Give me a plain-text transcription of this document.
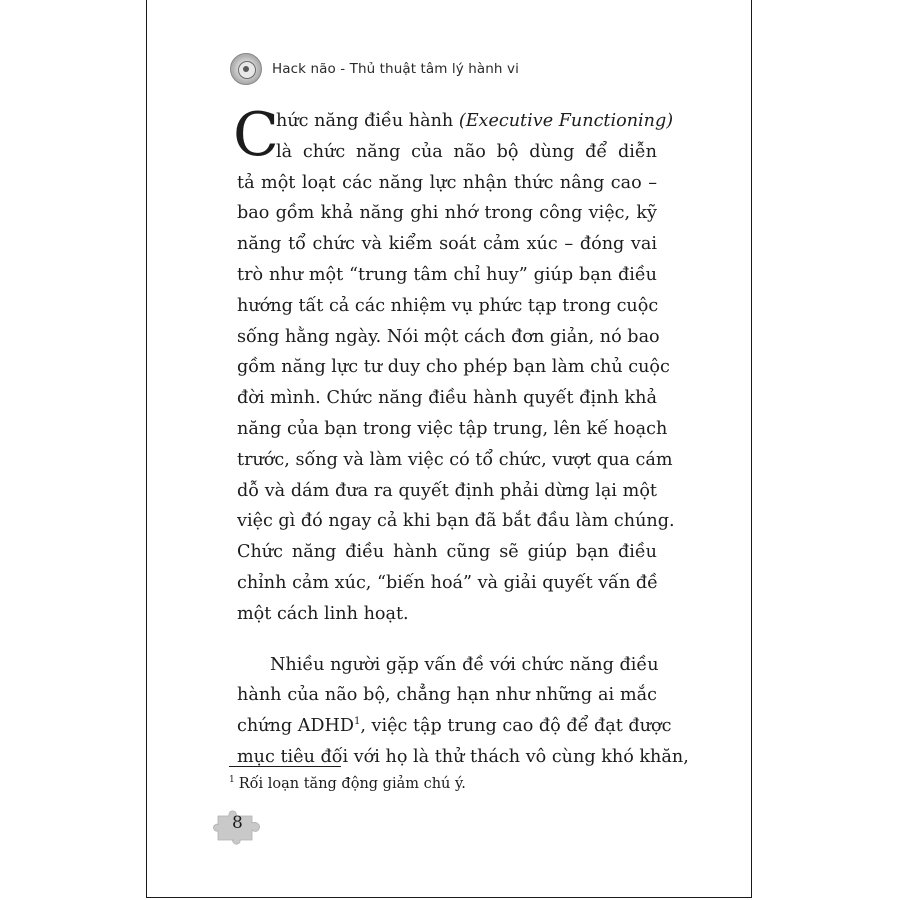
Hack não - Thủ thuật tâm lý hành vi
C
hức năng điều hành (Executive Functioning)
là chức năng của não bộ dùng để diễn
tả một loạt các năng lực nhận thức nâng cao –
bao gồm khả năng ghi nhớ trong công việc, kỹ
năng tổ chức và kiểm soát cảm xúc – đóng vai
trò như một “trung tâm chỉ huy” giúp bạn điều
hướng tất cả các nhiệm vụ phức tạp trong cuộc
sống hằng ngày. Nói một cách đơn giản, nó bao
gồm năng lực tư duy cho phép bạn làm chủ cuộc
đời mình. Chức năng điều hành quyết định khả
năng của bạn trong việc tập trung, lên kế hoạch
trước, sống và làm việc có tổ chức, vượt qua cám
dỗ và dám đưa ra quyết định phải dừng lại một
việc gì đó ngay cả khi bạn đã bắt đầu làm chúng.
Chức năng điều hành cũng sẽ giúp bạn điều
chỉnh cảm xúc, “biến hoá” và giải quyết vấn đề
một cách linh hoạt.
Nhiều người gặp vấn đề với chức năng điều
hành của não bộ, chẳng hạn như những ai mắc
chứng ADHD$^1$, việc tập trung cao độ để đạt được
mục tiêu đối với họ là thử thách vô cùng khó khăn,
$^1$ Rối loạn tăng động giảm chú ý.
8
